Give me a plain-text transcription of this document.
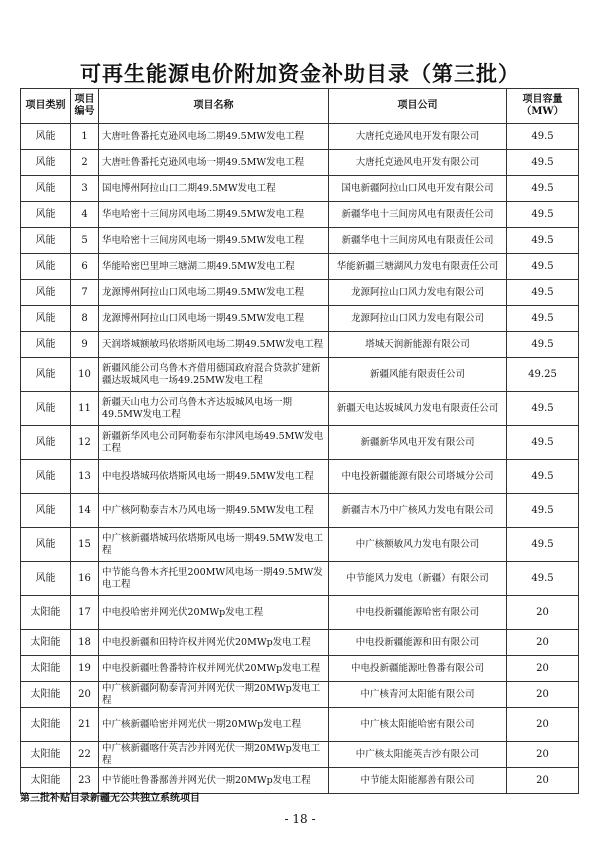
可再生能源电价附加资金补助目录（第三批）
项目类别	项目编号	项目名称	项目公司	项目容量（MW）
风能	1	大唐吐鲁番托克逊风电场二期49.5MW发电工程	大唐托克逊风电开发有限公司	49.5
风能	2	大唐吐鲁番托克逊风电场一期49.5MW发电工程	大唐托克逊风电开发有限公司	49.5
风能	3	国电博州阿拉山口二期49.5MW发电工程	国电新疆阿拉山口风电开发有限公司	49.5
风能	4	华电哈密十三间房风电场二期49.5MW发电工程	新疆华电十三间房风电有限责任公司	49.5
风能	5	华电哈密十三间房风电场一期49.5MW发电工程	新疆华电十三间房风电有限责任公司	49.5
风能	6	华能哈密巴里坤三塘湖二期49.5MW发电工程	华能新疆三塘湖风力发电有限责任公司	49.5
风能	7	龙源博州阿拉山口风电场二期49.5MW发电工程	龙源阿拉山口风力发电有限公司	49.5
风能	8	龙源博州阿拉山口风电场一期49.5MW发电工程	龙源阿拉山口风力发电有限公司	49.5
风能	9	天润塔城额敏玛依塔斯风电场二期49.5MW发电工程	塔城天润新能源有限公司	49.5
风能	10	新疆风能公司乌鲁木齐借用德国政府混合贷款扩建新疆达坂城风电一场49.25MW发电工程	新疆风能有限责任公司	49.25
风能	11	新疆天山电力公司乌鲁木齐达坂城风电场一期49.5MW发电工程	新疆天电达坂城风力发电有限责任公司	49.5
风能	12	新疆新华风电公司阿勒泰布尔津风电场49.5MW发电工程	新疆新华风电开发有限公司	49.5
风能	13	中电投塔城玛依塔斯风电场一期49.5MW发电工程	中电投新疆能源有限公司塔城分公司	49.5
风能	14	中广核阿勒泰吉木乃风电场一期49.5MW发电工程	新疆吉木乃中广核风力发电有限公司	49.5
风能	15	中广核新疆塔城玛依塔斯风电场一期49.5MW发电工程	中广核额敏风力发电有限公司	49.5
风能	16	中节能乌鲁木齐托里200MW风电场一期49.5MW发电工程	中节能风力发电（新疆）有限公司	49.5
太阳能	17	中电投哈密并网光伏20MWp发电工程	中电投新疆能源哈密有限公司	20
太阳能	18	中电投新疆和田特许权并网光伏20MWp发电工程	中电投新疆能源和田有限公司	20
太阳能	19	中电投新疆吐鲁番特许权并网光伏20MWp发电工程	中电投新疆能源吐鲁番有限公司	20
太阳能	20	中广核新疆阿勒泰青河并网光伏一期20MWp发电工程	中广核青河太阳能有限公司	20
太阳能	21	中广核新疆哈密并网光伏一期20MWp发电工程	中广核太阳能哈密有限公司	20
太阳能	22	中广核新疆喀什英吉沙并网光伏一期20MWp发电工程	中广核太阳能英吉沙有限公司	20
太阳能	23	中节能吐鲁番鄯善并网光伏一期20MWp发电工程	中节能太阳能鄯善有限公司	20
第三批补贴目录新疆无公共独立系统项目
- 18 -
